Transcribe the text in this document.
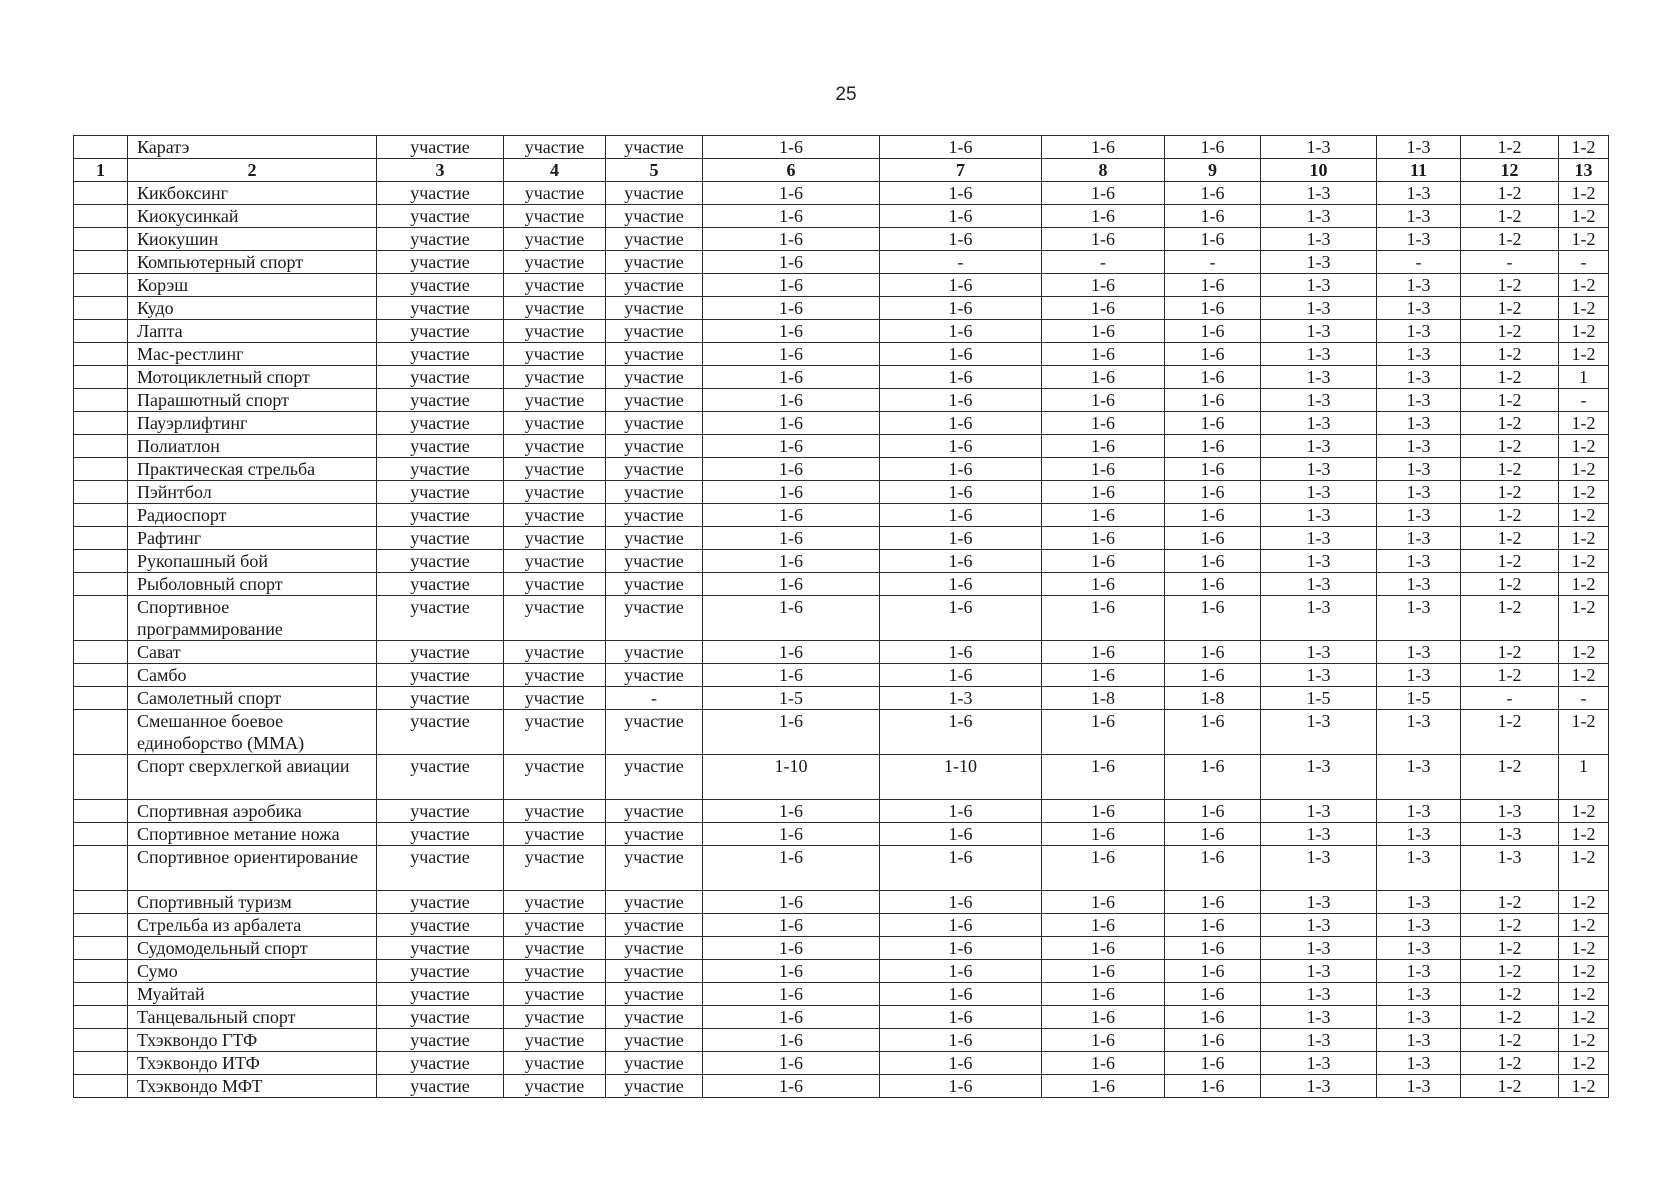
25
	Каратэ	участие	участие	участие	1-6	1-6	1-6	1-6	1-3	1-3	1-2	1-2
1	2	3	4	5	6	7	8	9	10	11	12	13
	Кикбоксинг	участие	участие	участие	1-6	1-6	1-6	1-6	1-3	1-3	1-2	1-2
	Киокусинкай	участие	участие	участие	1-6	1-6	1-6	1-6	1-3	1-3	1-2	1-2
	Киокушин	участие	участие	участие	1-6	1-6	1-6	1-6	1-3	1-3	1-2	1-2
	Компьютерный спорт	участие	участие	участие	1-6	-	-	-	1-3	-	-	-
	Корэш	участие	участие	участие	1-6	1-6	1-6	1-6	1-3	1-3	1-2	1-2
	Кудо	участие	участие	участие	1-6	1-6	1-6	1-6	1-3	1-3	1-2	1-2
	Лапта	участие	участие	участие	1-6	1-6	1-6	1-6	1-3	1-3	1-2	1-2
	Мас-рестлинг	участие	участие	участие	1-6	1-6	1-6	1-6	1-3	1-3	1-2	1-2
	Мотоциклетный спорт	участие	участие	участие	1-6	1-6	1-6	1-6	1-3	1-3	1-2	1
	Парашютный спорт	участие	участие	участие	1-6	1-6	1-6	1-6	1-3	1-3	1-2	-
	Пауэрлифтинг	участие	участие	участие	1-6	1-6	1-6	1-6	1-3	1-3	1-2	1-2
	Полиатлон	участие	участие	участие	1-6	1-6	1-6	1-6	1-3	1-3	1-2	1-2
	Практическая стрельба	участие	участие	участие	1-6	1-6	1-6	1-6	1-3	1-3	1-2	1-2
	Пэйнтбол	участие	участие	участие	1-6	1-6	1-6	1-6	1-3	1-3	1-2	1-2
	Радиоспорт	участие	участие	участие	1-6	1-6	1-6	1-6	1-3	1-3	1-2	1-2
	Рафтинг	участие	участие	участие	1-6	1-6	1-6	1-6	1-3	1-3	1-2	1-2
	Рукопашный бой	участие	участие	участие	1-6	1-6	1-6	1-6	1-3	1-3	1-2	1-2
	Рыболовный спорт	участие	участие	участие	1-6	1-6	1-6	1-6	1-3	1-3	1-2	1-2
	Спортивное программирование	участие	участие	участие	1-6	1-6	1-6	1-6	1-3	1-3	1-2	1-2
	Сават	участие	участие	участие	1-6	1-6	1-6	1-6	1-3	1-3	1-2	1-2
	Самбо	участие	участие	участие	1-6	1-6	1-6	1-6	1-3	1-3	1-2	1-2
	Самолетный спорт	участие	участие	-	1-5	1-3	1-8	1-8	1-5	1-5	-	-
	Смешанное боевое единоборство (ММА)	участие	участие	участие	1-6	1-6	1-6	1-6	1-3	1-3	1-2	1-2
	Спорт сверхлегкой авиации	участие	участие	участие	1-10	1-10	1-6	1-6	1-3	1-3	1-2	1
	Спортивная аэробика	участие	участие	участие	1-6	1-6	1-6	1-6	1-3	1-3	1-3	1-2
	Спортивное метание ножа	участие	участие	участие	1-6	1-6	1-6	1-6	1-3	1-3	1-3	1-2
	Спортивное ориентирование	участие	участие	участие	1-6	1-6	1-6	1-6	1-3	1-3	1-3	1-2
	Спортивный туризм	участие	участие	участие	1-6	1-6	1-6	1-6	1-3	1-3	1-2	1-2
	Стрельба из арбалета	участие	участие	участие	1-6	1-6	1-6	1-6	1-3	1-3	1-2	1-2
	Судомодельный спорт	участие	участие	участие	1-6	1-6	1-6	1-6	1-3	1-3	1-2	1-2
	Сумо	участие	участие	участие	1-6	1-6	1-6	1-6	1-3	1-3	1-2	1-2
	Муайтай	участие	участие	участие	1-6	1-6	1-6	1-6	1-3	1-3	1-2	1-2
	Танцевальный спорт	участие	участие	участие	1-6	1-6	1-6	1-6	1-3	1-3	1-2	1-2
	Тхэквондо ГТФ	участие	участие	участие	1-6	1-6	1-6	1-6	1-3	1-3	1-2	1-2
	Тхэквондо ИТФ	участие	участие	участие	1-6	1-6	1-6	1-6	1-3	1-3	1-2	1-2
	Тхэквондо МФТ	участие	участие	участие	1-6	1-6	1-6	1-6	1-3	1-3	1-2	1-2
